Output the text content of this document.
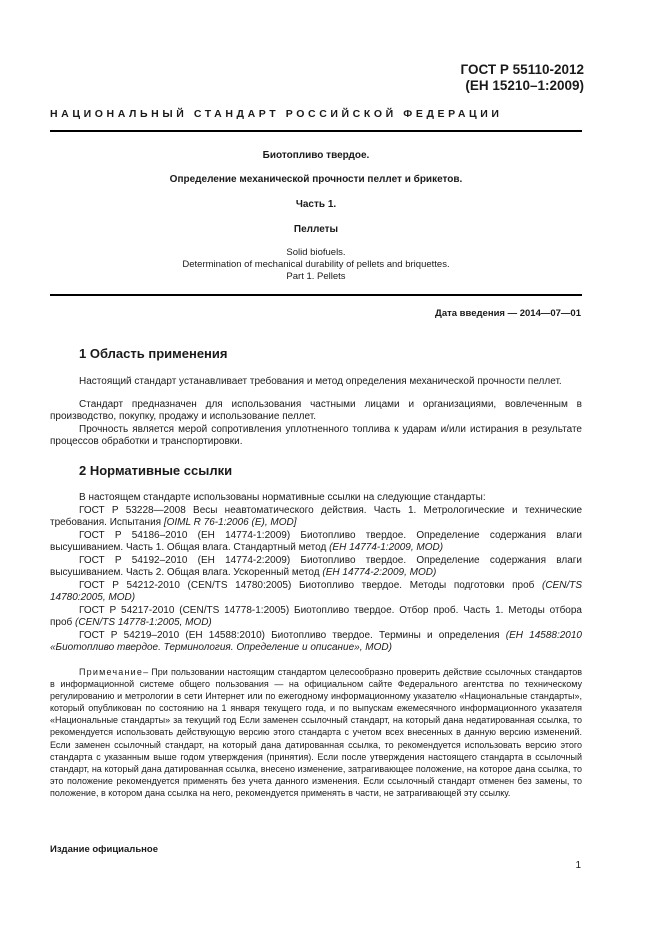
ГОСТ Р 55110-2012
(ЕН 15210–1:2009)
НАЦИОНАЛЬНЫЙ СТАНДАРТ РОССИЙСКОЙ ФЕДЕРАЦИИ
Биотопливо твердое.
Определение механической прочности пеллет и брикетов.
Часть 1.
Пеллеты
Solid biofuels.
Determination of mechanical durability of pellets and briquettes.
Part 1. Pellets
Дата введения — 2014—07—01
1 Область применения

Настоящий стандарт устанавливает требования и метод определения механической прочности пеллет.

Стандарт предназначен для использования частными лицами и организациями, вовлеченным в производство, покупку, продажу и использование пеллет.

Прочность является мерой сопротивления уплотненного топлива к ударам и/или истирания в результате процессов обработки и транспортировки.

2 Нормативные ссылки

В настоящем стандарте использованы нормативные ссылки на следующие стандарты:

ГОСТ Р 53228—2008 Весы неавтоматического действия. Часть 1. Метрологические и технические требования. Испытания [OIML R 76-1:2006 (E), MOD]

ГОСТ Р 54186–2010 (ЕН 14774-1:2009) Биотопливо твердое. Определение содержания влаги высушиванием. Часть 1. Общая влага. Стандартный метод (ЕН 14774-1:2009, MOD)

ГОСТ Р 54192–2010 (ЕН 14774-2:2009) Биотопливо твердое. Определение содержания влаги высушиванием. Часть 2. Общая влага. Ускоренный метод (ЕН 14774-2:2009, MOD)

ГОСТ Р 54212-2010 (CEN/TS 14780:2005) Биотопливо твердое. Методы подготовки проб (CEN/TS 14780:2005, MOD)

ГОСТ Р 54217-2010 (CEN/TS 14778-1:2005) Биотопливо твердое. Отбор проб. Часть 1. Методы отбора проб (CEN/TS 14778-1:2005, MOD)

ГОСТ Р 54219–2010 (ЕН 14588:2010) Биотопливо твердое. Термины и определения (ЕН 14588:2010 «Биотопливо твердое. Терминология. Определение и описание», MOD)

Примечание– При пользовании настоящим стандартом целесообразно проверить действие ссылочных стандартов в информационной системе общего пользования — на официальном сайте Федерального агентства по техническому регулированию и метрологии в сети Интернет или по ежегодному информационному указателю «Национальные стандарты», который опубликован по состоянию на 1 января текущего года, и по выпускам ежемесячного информационного указателя «Национальные стандарты» за текущий год Если заменен ссылочный стандарт, на который дана недатированная ссылка, то рекомендуется использовать действующую версию этого стандарта с учетом всех внесенных в данную версию изменений. Если заменен ссылочный стандарт, на который дана датированная ссылка, то рекомендуется использовать версию этого стандарта с указанным выше годом утверждения (принятия). Если после утверждения настоящего стандарта в ссылочный стандарт, на который дана датированная ссылка, внесено изменение, затрагивающее положение, на которое дана ссылка, то это положение рекомендуется применять без учета данного изменения. Если ссылочный стандарт отменен без замены, то положение, в котором дана ссылка на него, рекомендуется применять в части, не затрагивающей эту ссылку.

Издание официальное
1
